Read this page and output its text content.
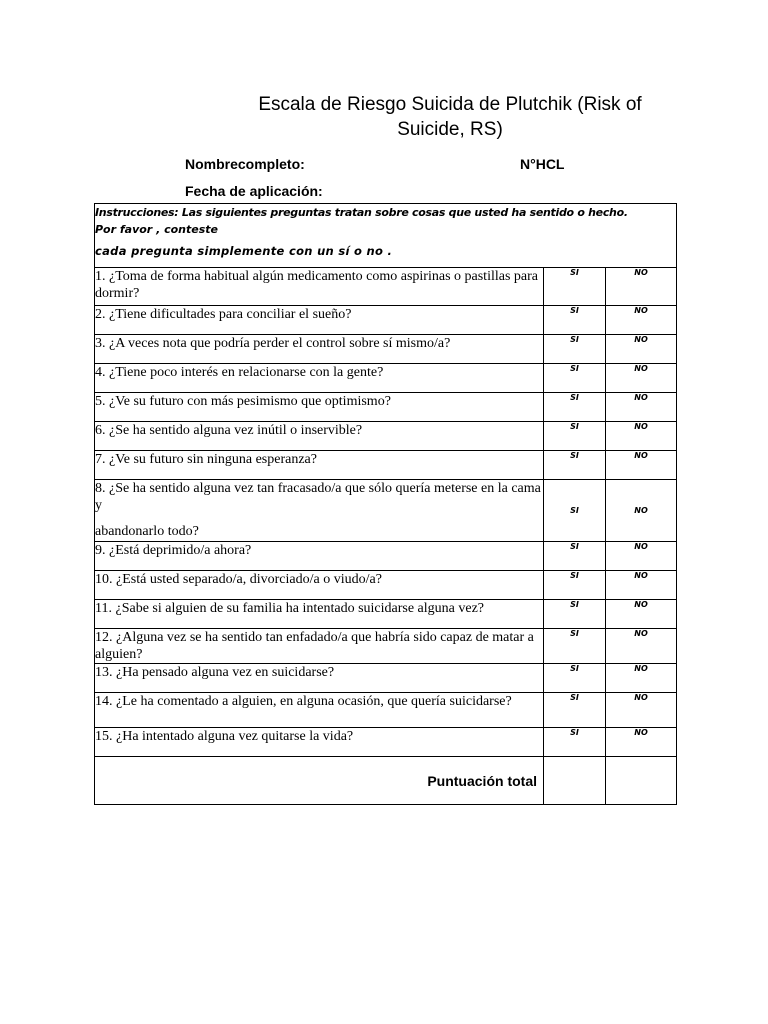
Escala de Riesgo Suicida de Plutchik (Risk of
Suicide, RS)
Nombrecompleto:	N°HCL
Fecha de aplicación:
Instrucciones: Las siguientes preguntas tratan sobre cosas que usted ha sentido o hecho.
Por favor , conteste
cada pregunta simplemente con un sí o no .		

1. ¿Toma de forma habitual algún medicamento como aspirinas o pastillas para dormir?	SI	NO
2. ¿Tiene dificultades para conciliar el sueño?	SI	NO
3. ¿A veces nota que podría perder el control sobre sí mismo/a?	SI	NO
4. ¿Tiene poco interés en relacionarse con la gente?	SI	NO
5. ¿Ve su futuro con más pesimismo que optimismo?	SI	NO
6. ¿Se ha sentido alguna vez inútil o inservible?	SI	NO
7. ¿Ve su futuro sin ninguna esperanza?	SI	NO
8. ¿Se ha sentido alguna vez tan fracasado/a que sólo quería meterse en la cama y
abandonarlo todo?	SI	NO
9. ¿Está deprimido/a ahora?	SI	NO
10. ¿Está usted separado/a, divorciado/a o viudo/a?	SI	NO
11. ¿Sabe si alguien de su familia ha intentado suicidarse alguna vez?	SI	NO
12. ¿Alguna vez se ha sentido tan enfadado/a que habría sido capaz de matar a alguien?	SI	NO
13. ¿Ha pensado alguna vez en suicidarse?	SI	NO
14. ¿Le ha comentado a alguien, en alguna ocasión, que quería suicidarse?	SI	NO
15. ¿Ha intentado alguna vez quitarse la vida?	SI	NO
Puntuación total		
